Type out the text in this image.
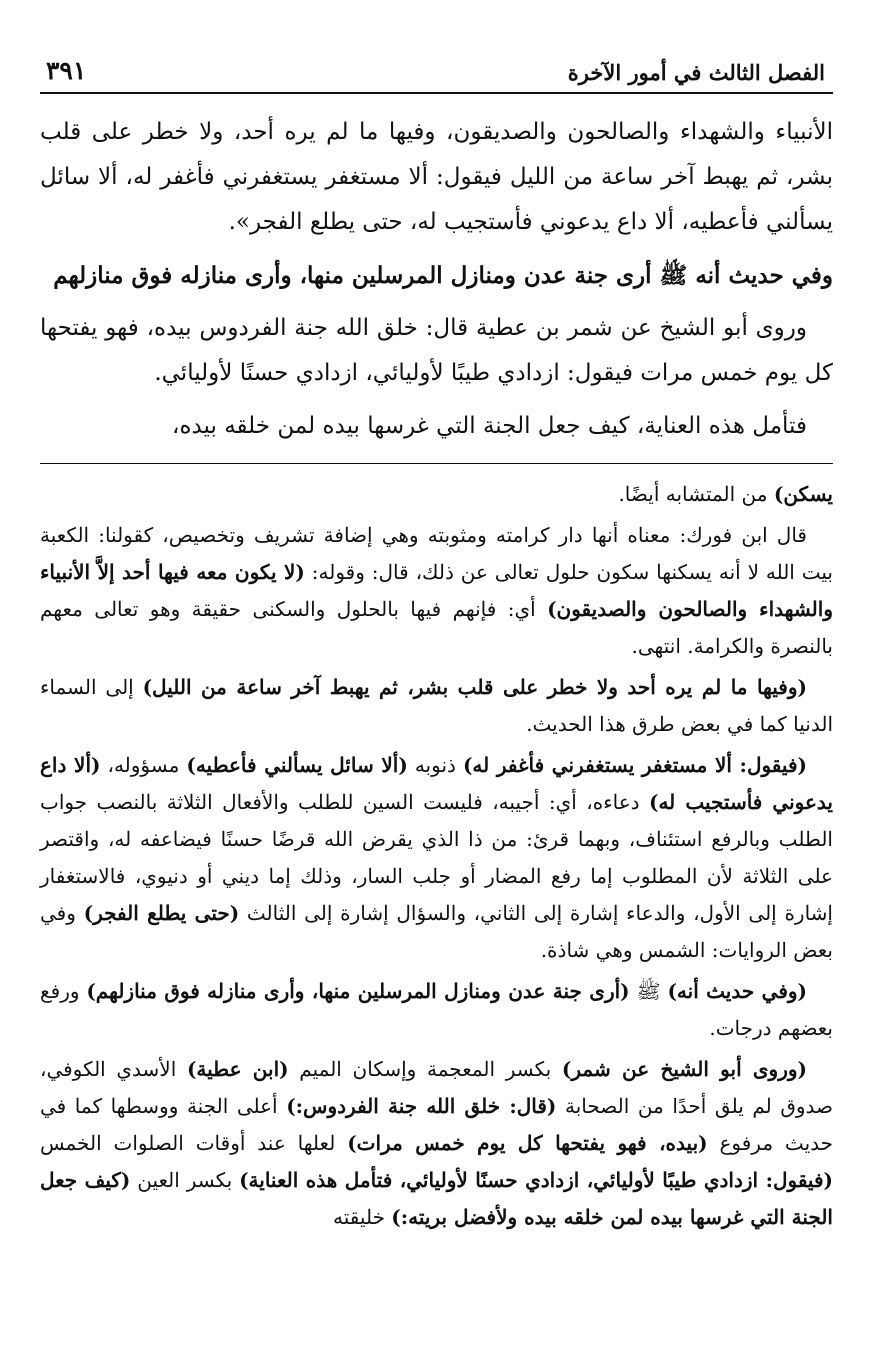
الفصل الثالث في أمور الآخرة
٣٩١

الأنبياء والشهداء والصالحون والصديقون، وفيها ما لم يره أحد، ولا خطر على قلب بشر، ثم يهبط آخر ساعة من الليل فيقول: ألا مستغفر يستغفرني فأغفر له، ألا سائل يسألني فأعطيه، ألا داع يدعوني فأستجيب له، حتى يطلع الفجر».

وفي حديث أنه ﷺ أرى جنة عدن ومنازل المرسلين منها، وأرى منازله فوق منازلهم

وروى أبو الشيخ عن شمر بن عطية قال: خلق الله جنة الفردوس بيده، فهو يفتحها كل يوم خمس مرات فيقول: ازدادي طيبًا لأوليائي، ازدادي حسنًا لأوليائي.

فتأمل هذه العناية، كيف جعل الجنة التي غرسها بيده لمن خلقه بيده،

يسكن) من المتشابه أيضًا.

قال ابن فورك: معناه أنها دار كرامته ومثوبته وهي إضافة تشريف وتخصيص، كقولنا: الكعبة بيت الله لا أنه يسكنها سكون حلول تعالى عن ذلك، قال: وقوله: (لا يكون معه فيها أحد إلاَّ الأنبياء والشهداء والصالحون والصديقون) أي: فإنهم فيها بالحلول والسكنى حقيقة وهو تعالى معهم بالنصرة والكرامة. انتهى.

(وفيها ما لم يره أحد ولا خطر على قلب بشر، ثم يهبط آخر ساعة من الليل) إلى السماء الدنيا كما في بعض طرق هذا الحديث.

(فيقول: ألا مستغفر يستغفرني فأغفر له) ذنوبه (ألا سائل يسألني فأعطيه) مسؤوله، (ألا داع يدعوني فأستجيب له) دعاءه، أي: أجيبه، فليست السين للطلب والأفعال الثلاثة بالنصب جواب الطلب وبالرفع استئناف، وبهما قرئ: من ذا الذي يقرض الله قرضًا حسنًا فيضاعفه له، واقتصر على الثلاثة لأن المطلوب إما رفع المضار أو جلب السار، وذلك إما ديني أو دنيوي، فالاستغفار إشارة إلى الأول، والدعاء إشارة إلى الثاني، والسؤال إشارة إلى الثالث (حتى يطلع الفجر) وفي بعض الروايات: الشمس وهي شاذة.

(وفي حديث أنه) ﷺ (أرى جنة عدن ومنازل المرسلين منها، وأرى منازله فوق منازلهم) ورفع بعضهم درجات.

(وروى أبو الشيخ عن شمر) بكسر المعجمة وإسكان الميم (ابن عطية) الأسدي الكوفي، صدوق لم يلق أحدًا من الصحابة (قال: خلق الله جنة الفردوس:) أعلى الجنة ووسطها كما في حديث مرفوع (بيده، فهو يفتحها كل يوم خمس مرات) لعلها عند أوقات الصلوات الخمس (فيقول: ازدادي طيبًا لأوليائي، ازدادي حسنًا لأوليائي، فتأمل هذه العناية) بكسر العين (كيف جعل الجنة التي غرسها بيده لمن خلقه بيده ولأفضل بريته:) خليقته
